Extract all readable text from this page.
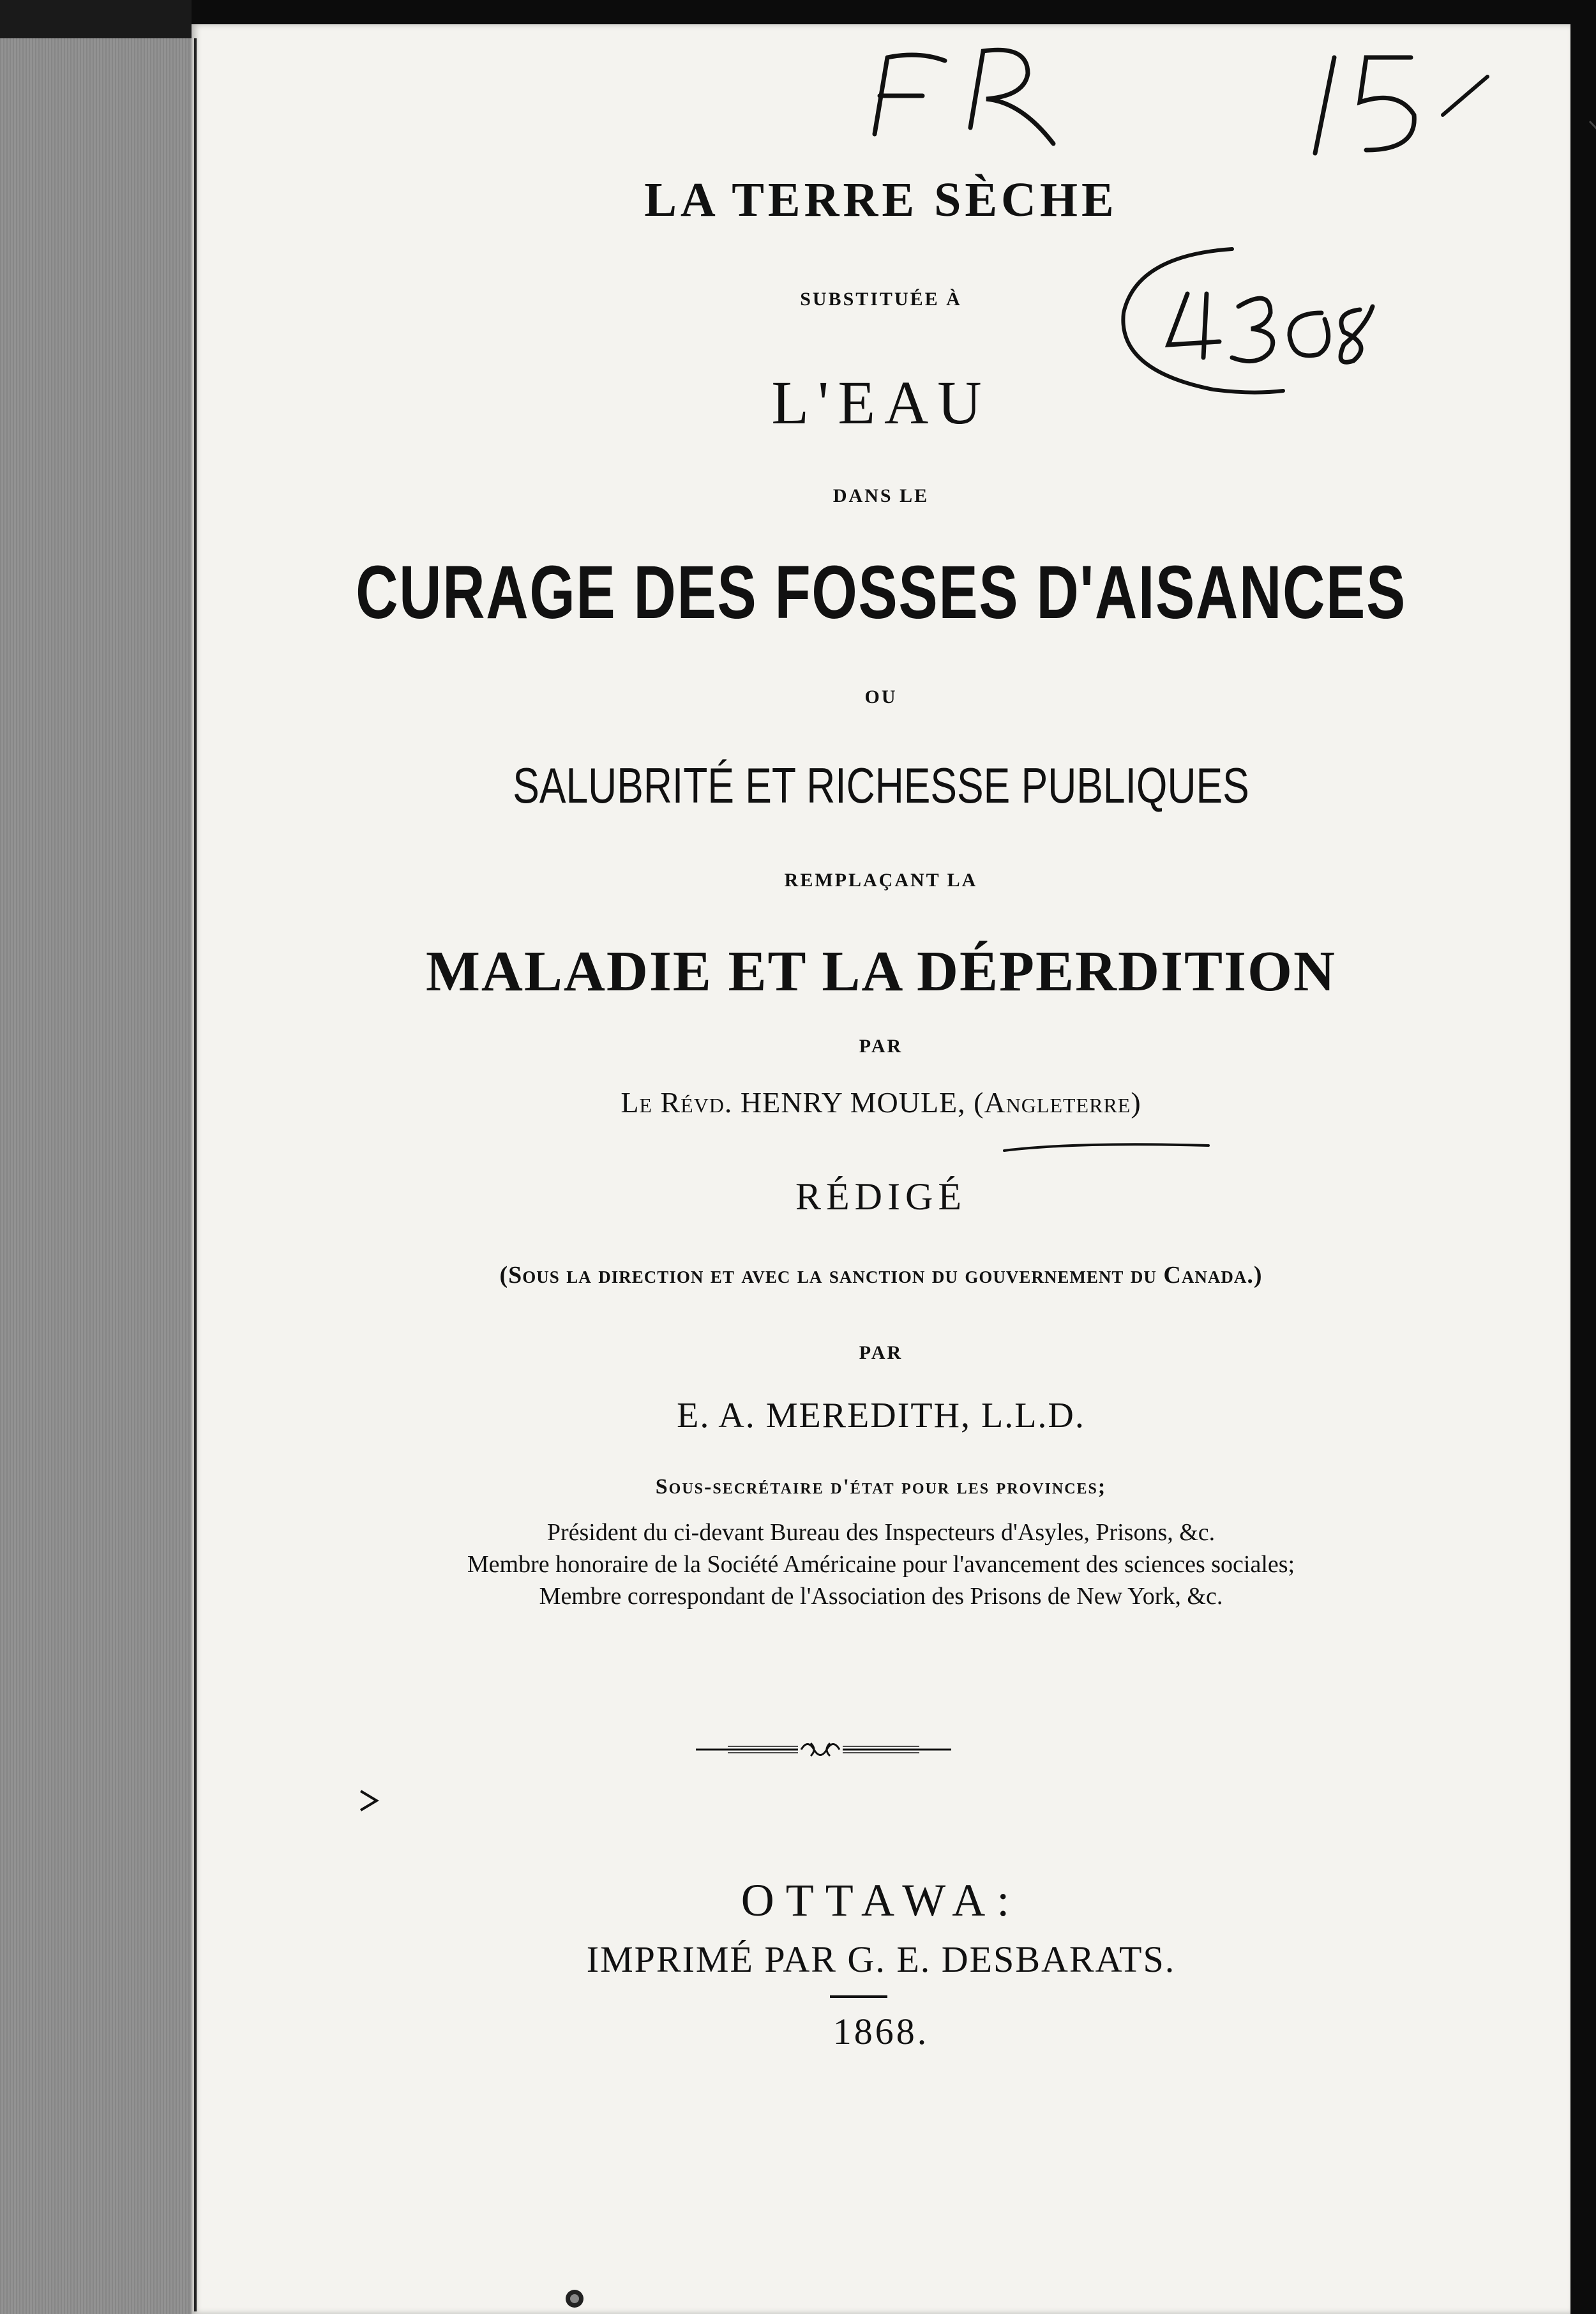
LA TERRE SÈCHE
SUBSTITUÉE À
L'EAU
DANS LE
CURAGE DES FOSSES D'AISANCES
OU
SALUBRITÉ ET RICHESSE PUBLIQUES
REMPLAÇANT LA
MALADIE ET LA DÉPERDITION
PAR
Le Révd. HENRY MOULE, (Angleterre)
RÉDIGÉ
(Sous la direction et avec la sanction du gouvernement du Canada.)
PAR
E. A. MEREDITH, L.L.D.
Sous-secrétaire d'état pour les provinces;
Président du ci-devant Bureau des Inspecteurs d'Asyles, Prisons, &c.
Membre honoraire de la Société Américaine pour l'avancement des sciences sociales;
Membre correspondant de l'Association des Prisons de New York, &c.
OTTAWA:
IMPRIMÉ PAR G. E. DESBARATS.
1868.
